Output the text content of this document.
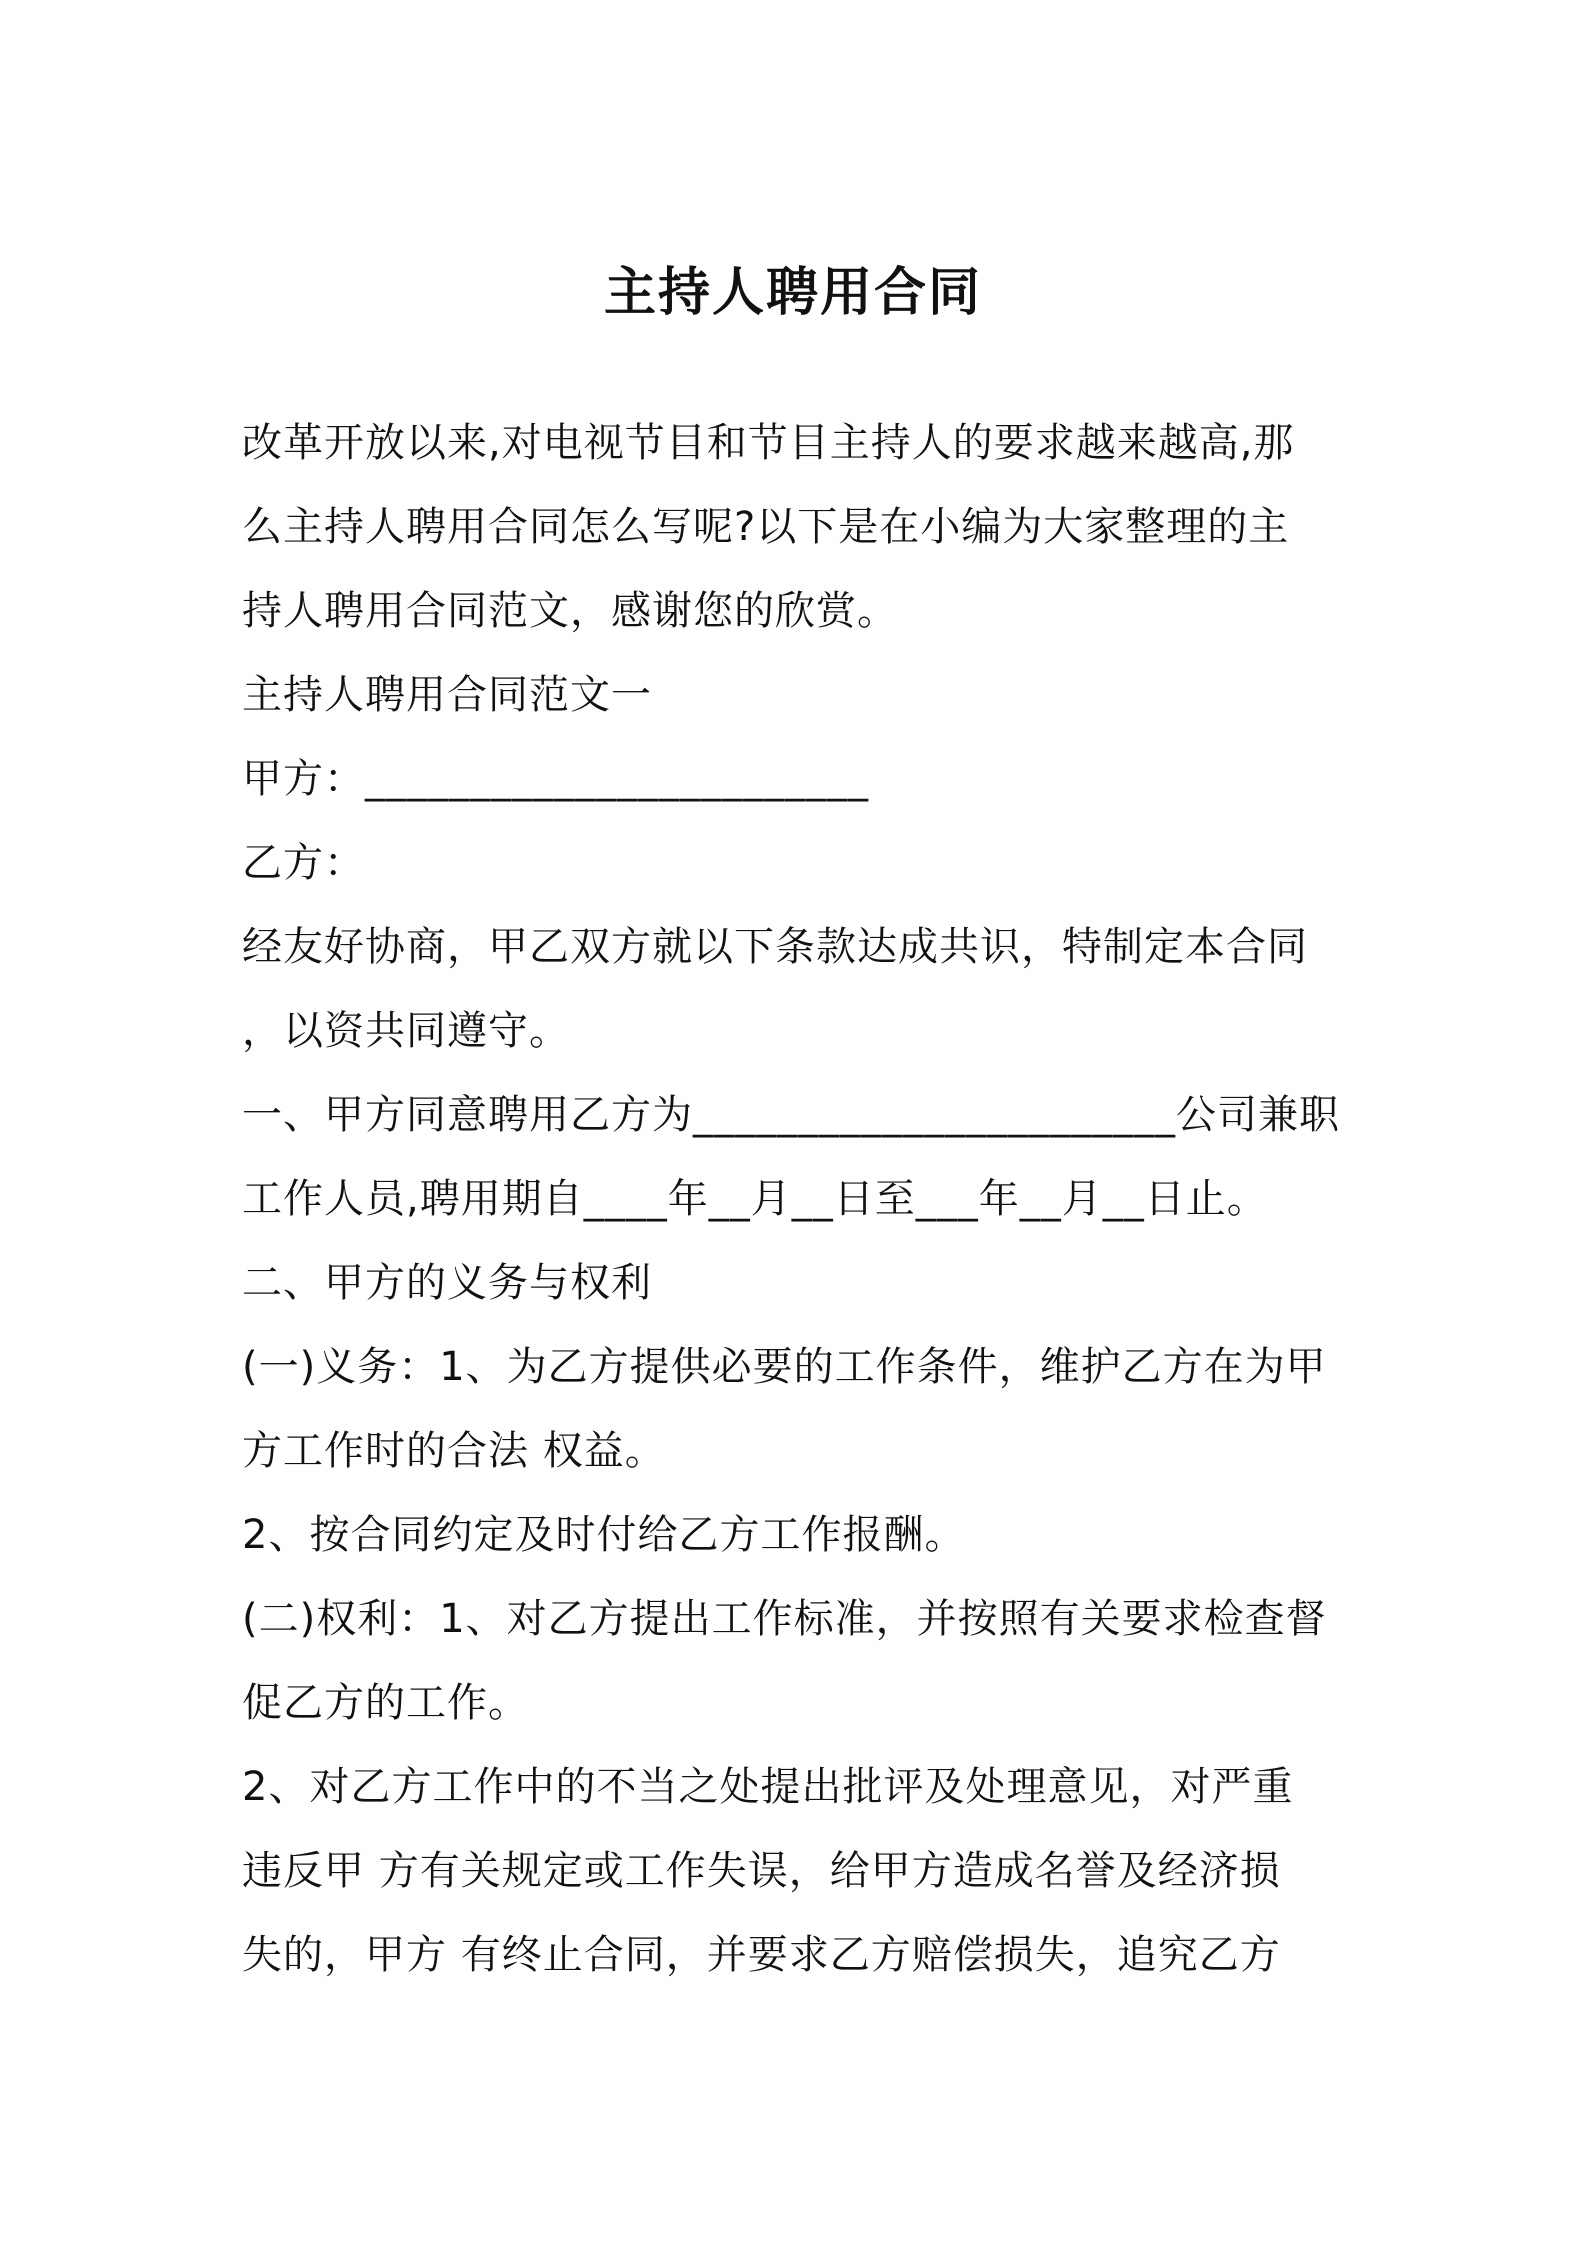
主持人聘用合同
改革开放以来,对电视节目和节目主持人的要求越来越高,那
么主持人聘用合同怎么写呢?以下是在小编为大家整理的主
持人聘用合同范文，感谢您的欣赏。
主持人聘用合同范文一
甲方：________________________
乙方：
经友好协商，甲乙双方就以下条款达成共识，特制定本合同
，以资共同遵守。
一、甲方同意聘用乙方为_______________________公司兼职
工作人员,聘用期自____年__月__日至___年__月__日止。
二、甲方的义务与权利
(一)义务：1、为乙方提供必要的工作条件，维护乙方在为甲
方工作时的合法 权益。
2、按合同约定及时付给乙方工作报酬。
(二)权利：1、对乙方提出工作标准，并按照有关要求检查督
促乙方的工作。
2、对乙方工作中的不当之处提出批评及处理意见，对严重
违反甲 方有关规定或工作失误，给甲方造成名誉及经济损
失的，甲方 有终止合同，并要求乙方赔偿损失，追究乙方
